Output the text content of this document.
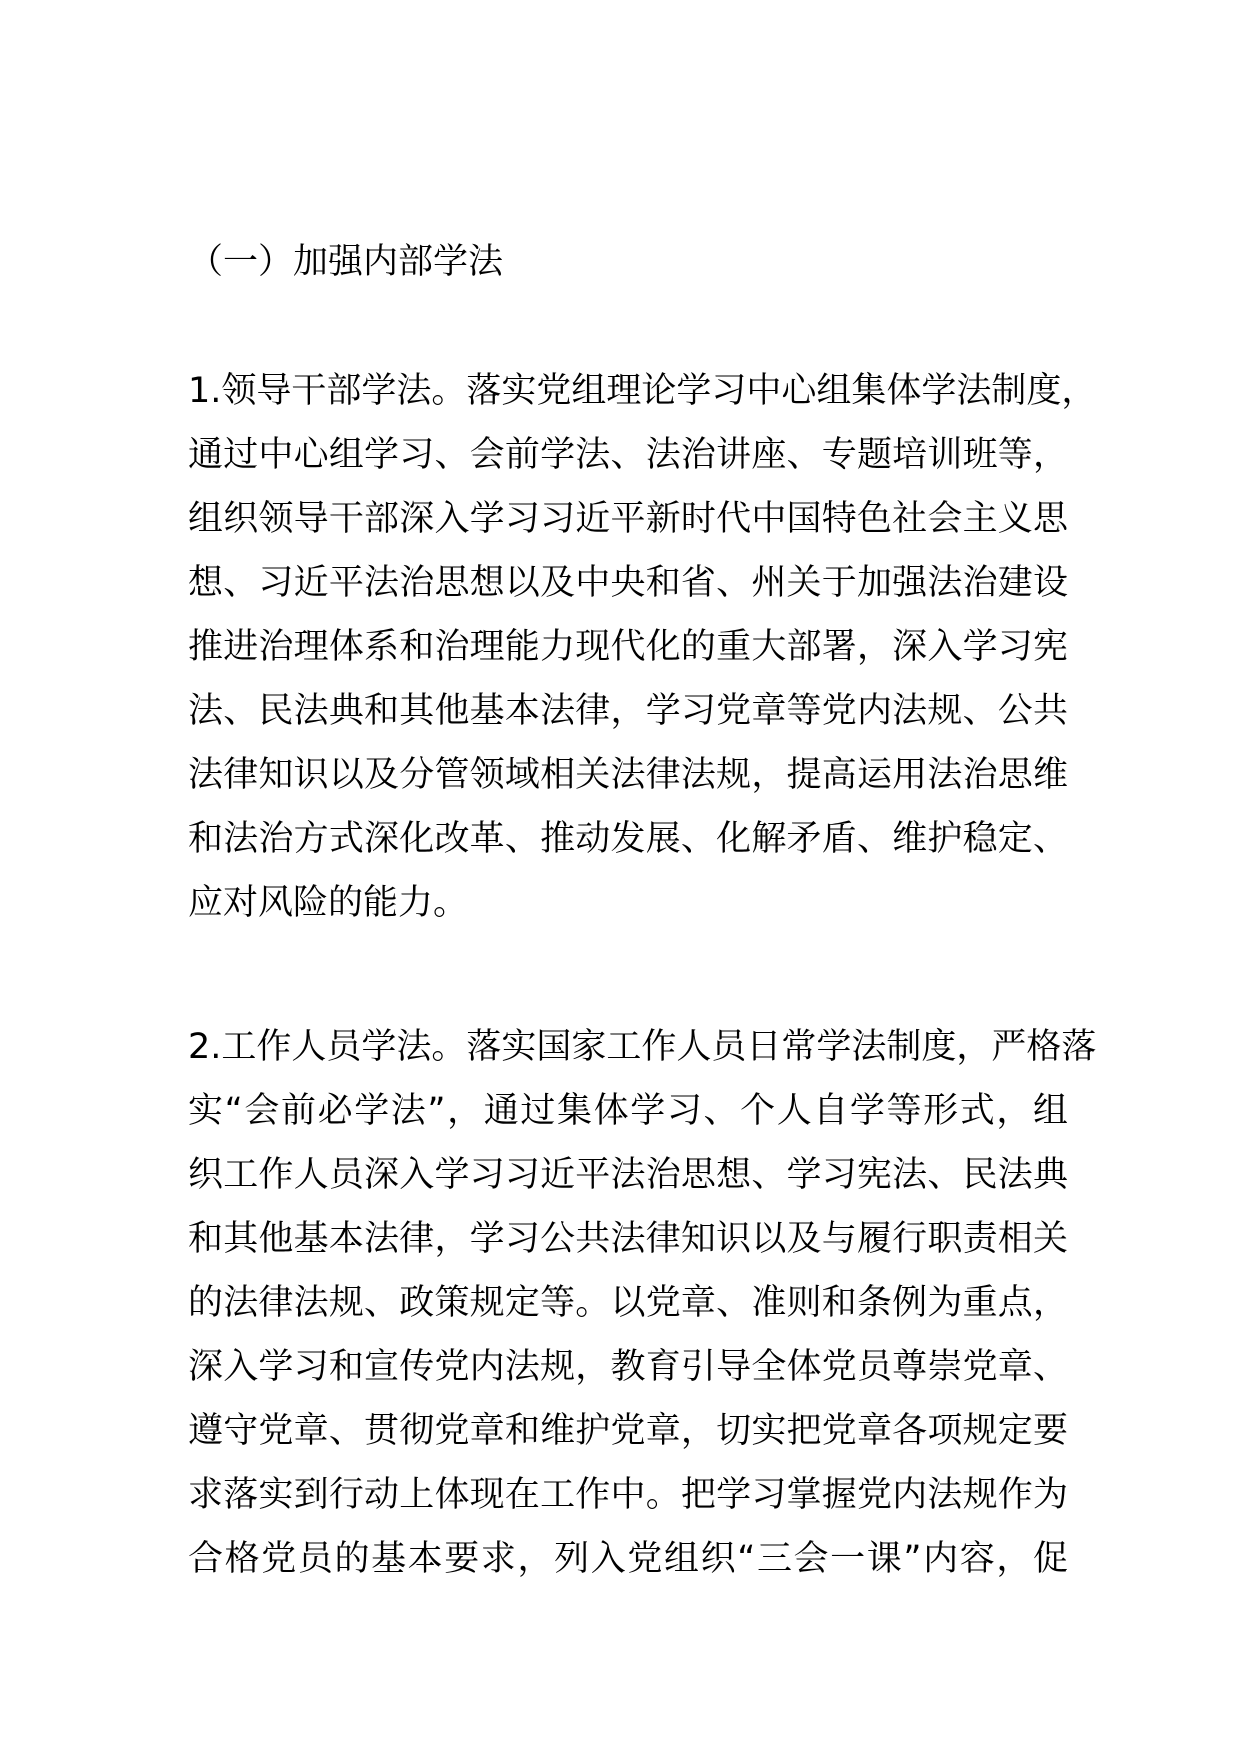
（一）加强内部学法
1.领导干部学法。落实党组理论学习中心组集体学法制度，
通过中心组学习、会前学法、法治讲座、专题培训班等，
组织领导干部深入学习习近平新时代中国特色社会主义思
想、习近平法治思想以及中央和省、州关于加强法治建设
推进治理体系和治理能力现代化的重大部署，深入学习宪
法、民法典和其他基本法律，学习党章等党内法规、公共
法律知识以及分管领域相关法律法规，提高运用法治思维
和法治方式深化改革、推动发展、化解矛盾、维护稳定、
应对风险的能力。
2.工作人员学法。落实国家工作人员日常学法制度，严格落
实“会前必学法”，通过集体学习、个人自学等形式，组
织工作人员深入学习习近平法治思想、学习宪法、民法典
和其他基本法律，学习公共法律知识以及与履行职责相关
的法律法规、政策规定等。以党章、准则和条例为重点，
深入学习和宣传党内法规，教育引导全体党员尊崇党章、
遵守党章、贯彻党章和维护党章，切实把党章各项规定要
求落实到行动上体现在工作中。把学习掌握党内法规作为
合格党员的基本要求，列入党组织“三会一课”内容，促
